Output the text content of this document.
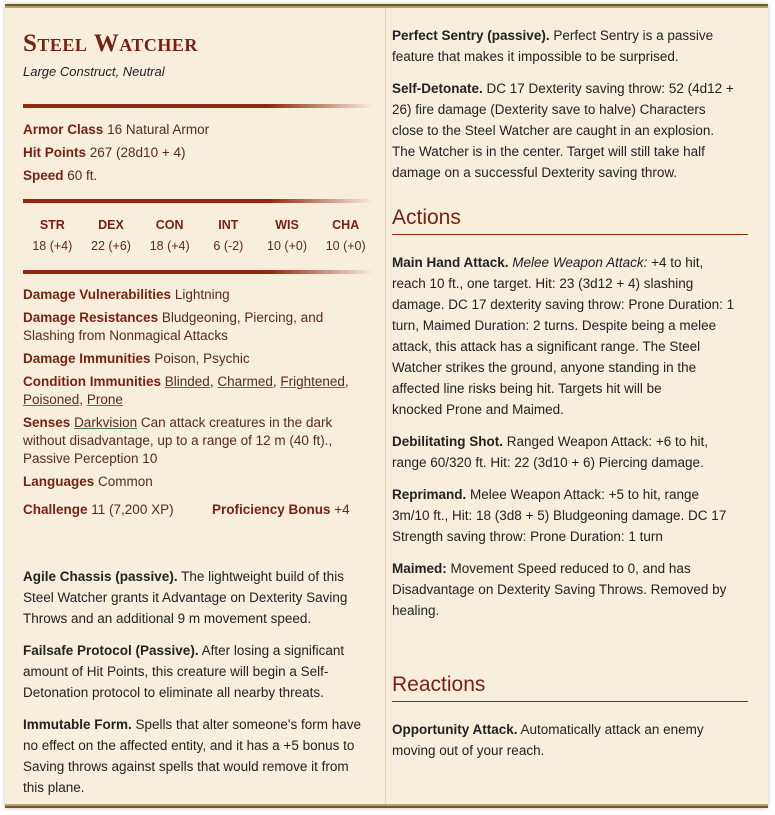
Steel Watcher
Large Construct, Neutral
Armor Class 16 Natural Armor
Hit Points 267 (28d10 + 4)
Speed 60 ft.
STR
18 (+4)
DEX
22 (+6)
CON
18 (+4)
INT
6 (-2)
WIS
10 (+0)
CHA
10 (+0)
Damage Vulnerabilities Lightning
Damage Resistances Bludgeoning, Piercing, and
Slashing from Nonmagical Attacks
Damage Immunities Poison, Psychic
Condition Immunities Blinded, Charmed, Frightened,
Poisoned, Prone
Senses Darkvision Can attack creatures in the dark
without disadvantage, up to a range of 12 m (40 ft).,
Passive Perception 10
Languages Common
Challenge 11 (7,200 XP)	Proficiency Bonus +4
Agile Chassis (passive). The lightweight build of this
Steel Watcher grants it Advantage on Dexterity Saving
Throws and an additional 9 m movement speed.
Failsafe Protocol (Passive). After losing a significant
amount of Hit Points, this creature will begin a Self-
Detonation protocol to eliminate all nearby threats.
Immutable Form. Spells that alter someone's form have
no effect on the affected entity, and it has a +5 bonus to
Saving throws against spells that would remove it from
this plane.
Perfect Sentry (passive). Perfect Sentry is a passive
feature that makes it impossible to be surprised.
Self-Detonate. DC 17 Dexterity saving throw: 52 (4d12 +
26) fire damage (Dexterity save to halve) Characters
close to the Steel Watcher are caught in an explosion.
The Watcher is in the center. Target will still take half
damage on a successful Dexterity saving throw.
Actions
Main Hand Attack. Melee Weapon Attack: +4 to hit,
reach 10 ft., one target. Hit: 23 (3d12 + 4) slashing
damage. DC 17 dexterity saving throw: Prone Duration: 1
turn, Maimed Duration: 2 turns. Despite being a melee
attack, this attack has a significant range. The Steel
Watcher strikes the ground, anyone standing in the
affected line risks being hit. Targets hit will be
knocked Prone and Maimed.
Debilitating Shot. Ranged Weapon Attack: +6 to hit,
range 60/320 ft. Hit: 22 (3d10 + 6) Piercing damage.
Reprimand. Melee Weapon Attack: +5 to hit, range
3m/10 ft., Hit: 18 (3d8 + 5) Bludgeoning damage. DC 17
Strength saving throw: Prone Duration: 1 turn
Maimed: Movement Speed reduced to 0, and has
Disadvantage on Dexterity Saving Throws. Removed by
healing.
Reactions
Opportunity Attack. Automatically attack an enemy
moving out of your reach.
